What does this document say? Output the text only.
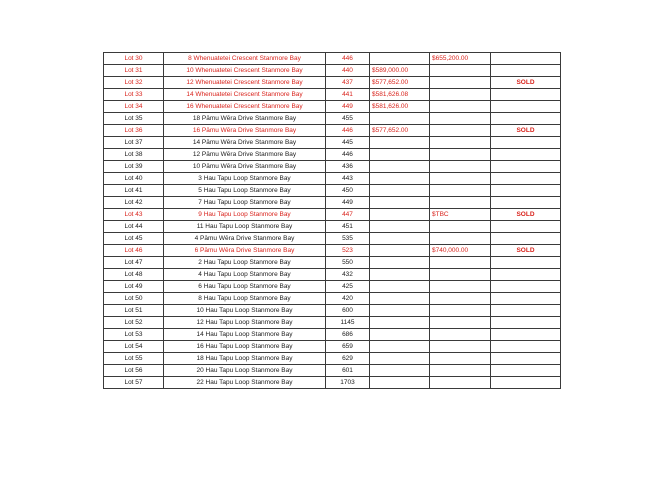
Lot 30	8 Whenuatetei Crescent Stanmore Bay	446		$655,200.00	
Lot 31	10 Whenuatetei Crescent Stanmore Bay	440	$589,000.00		
Lot 32	12 Whenuatetei Crescent Stanmore Bay	437	$577,652.00		SOLD
Lot 33	14 Whenuatetei Crescent Stanmore Bay	441	$581,626.08		
Lot 34	16 Whenuatetei Crescent Stanmore Bay	449	$581,626.00		
Lot 35	18 Pāmu Wēra Drive Stanmore Bay	455			
Lot 36	16 Pāmu Wēra Drive Stanmore Bay	446	$577,652.00		SOLD
Lot 37	14 Pāmu Wēra Drive Stanmore Bay	445			
Lot 38	12 Pāmu Wēra Drive Stanmore Bay	446			
Lot 39	10 Pāmu Wēra Drive Stanmore Bay	436			
Lot 40	3 Hau Tapu Loop Stanmore Bay	443			
Lot 41	5 Hau Tapu Loop Stanmore Bay	450			
Lot 42	7 Hau Tapu Loop Stanmore Bay	449			
Lot 43	9 Hau Tapu Loop Stanmore Bay	447		$TBC	SOLD
Lot 44	11 Hau Tapu Loop Stanmore Bay	451			
Lot 45	4 Pāmu Wēra Drive Stanmore Bay	535			
Lot 46	6 Pāmu Wēra Drive Stanmore Bay	523		$740,000.00	SOLD
Lot 47	2 Hau Tapu Loop Stanmore Bay	550			
Lot 48	4 Hau Tapu Loop Stanmore Bay	432			
Lot 49	6 Hau Tapu Loop Stanmore Bay	425			
Lot 50	8 Hau Tapu Loop Stanmore Bay	420			
Lot 51	10 Hau Tapu Loop Stanmore Bay	600			
Lot 52	12 Hau Tapu Loop Stanmore Bay	1145			
Lot 53	14 Hau Tapu Loop Stanmore Bay	686			
Lot 54	16 Hau Tapu Loop Stanmore Bay	659			
Lot 55	18 Hau Tapu Loop Stanmore Bay	629			
Lot 56	20 Hau Tapu Loop Stanmore Bay	601			
Lot 57	22 Hau Tapu Loop Stanmore Bay	1703			
